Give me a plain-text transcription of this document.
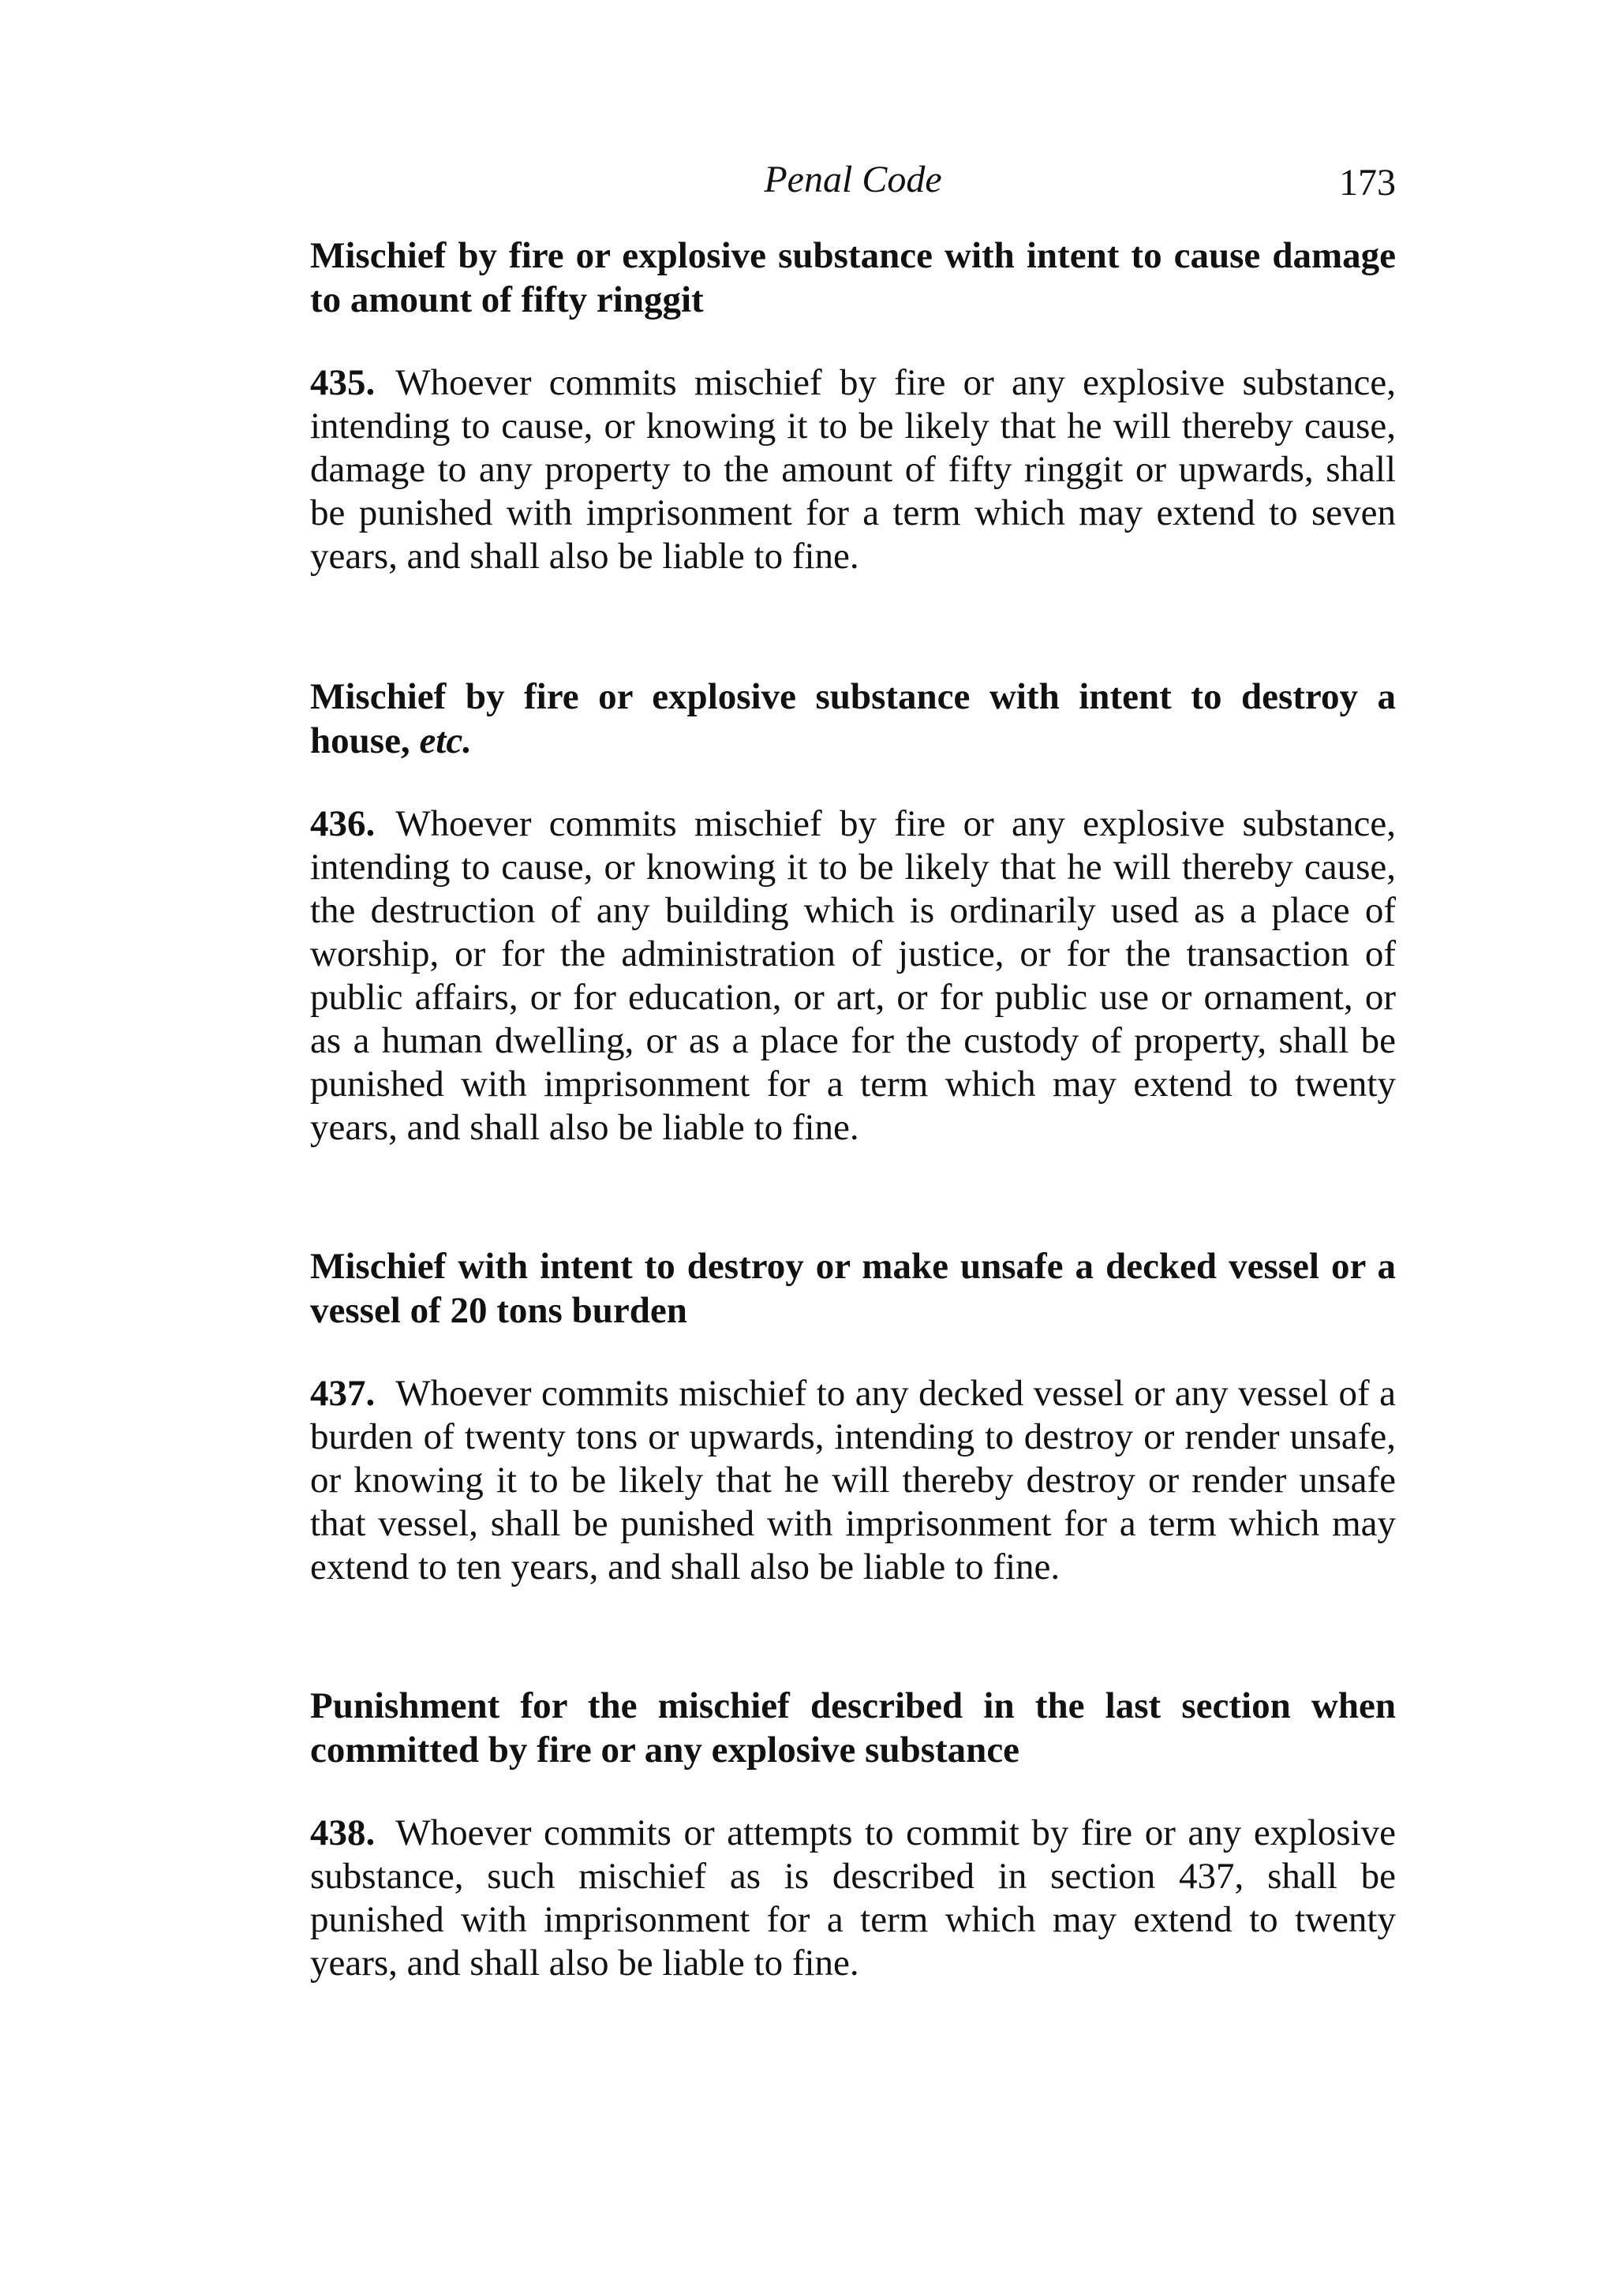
Penal Code	173

Mischief by fire or explosive substance with intent to cause damage to amount of fifty ringgit

435. Whoever commits mischief by fire or any explosive substance, intending to cause, or knowing it to be likely that he will thereby cause, damage to any property to the amount of fifty ringgit or upwards, shall be punished with imprisonment for a term which may extend to seven years, and shall also be liable to fine.

Mischief by fire or explosive substance with intent to destroy a house, etc.

436. Whoever commits mischief by fire or any explosive substance, intending to cause, or knowing it to be likely that he will thereby cause, the destruction of any building which is ordinarily used as a place of worship, or for the administration of justice, or for the transaction of public affairs, or for education, or art, or for public use or ornament, or as a human dwelling, or as a place for the custody of property, shall be punished with imprisonment for a term which may extend to twenty years, and shall also be liable to fine.

Mischief with intent to destroy or make unsafe a decked vessel or a vessel of 20 tons burden

437. Whoever commits mischief to any decked vessel or any vessel of a burden of twenty tons or upwards, intending to destroy or render unsafe, or knowing it to be likely that he will thereby destroy or render unsafe that vessel, shall be punished with imprisonment for a term which may extend to ten years, and shall also be liable to fine.

Punishment for the mischief described in the last section when committed by fire or any explosive substance

438. Whoever commits or attempts to commit by fire or any explosive substance, such mischief as is described in section 437, shall be punished with imprisonment for a term which may extend to twenty years, and shall also be liable to fine.
